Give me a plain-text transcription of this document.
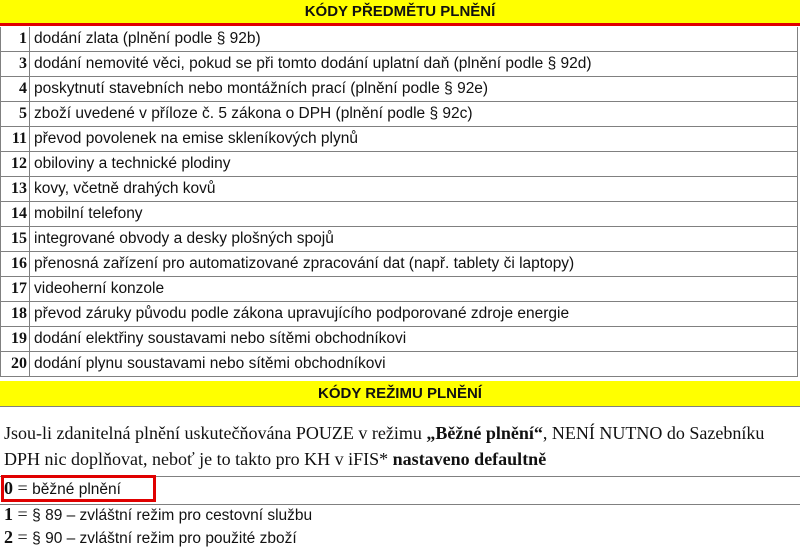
KÓDY PŘEDMĚTU PLNĚNÍ
1	dodání zlata (plnění podle § 92b)
3	dodání nemovité věci, pokud se při tomto dodání uplatní daň (plnění podle § 92d)
4	poskytnutí stavebních nebo montážních prací (plnění podle § 92e)
5	zboží uvedené v příloze č. 5 zákona o DPH (plnění podle § 92c)
11	převod povolenek na emise skleníkových plynů
12	obiloviny a technické plodiny
13	kovy, včetně drahých kovů
14	mobilní telefony
15	integrované obvody a desky plošných spojů
16	přenosná zařízení pro automatizované zpracování dat (např. tablety či laptopy)
17	videoherní konzole
18	převod záruky původu podle zákona upravujícího podporované zdroje energie
19	dodání elektřiny soustavami nebo sítěmi obchodníkovi
20	dodání plynu soustavami nebo sítěmi obchodníkovi
KÓDY REŽIMU PLNĚNÍ
Jsou-li zdanitelná plnění uskutečňována POUZE v režimu „Běžné plnění“, NENÍ NUTNO do Sazebníku DPH nic doplňovat, neboť je to takto pro KH v iFIS* nastaveno defaultně
0 = běžné plnění
1 = § 89 – zvláštní režim pro cestovní službu
2 = § 90 – zvláštní režim pro použité zboží
